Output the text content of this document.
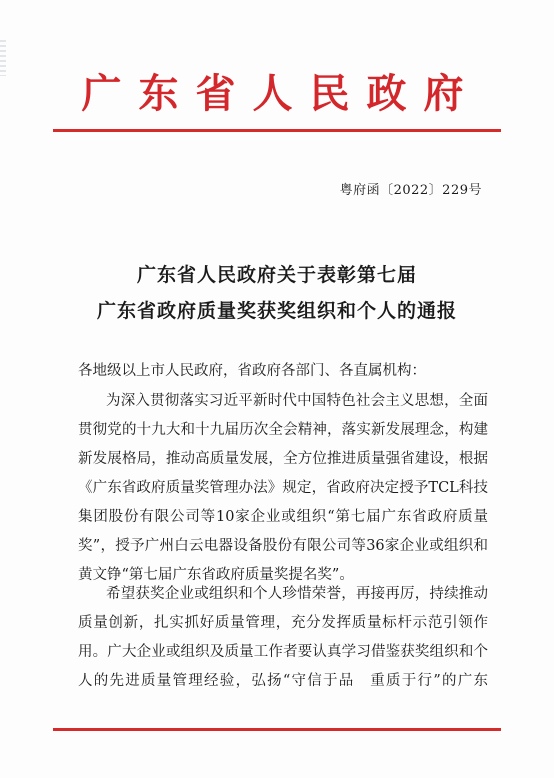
广东省人民政府
粤府函〔2022〕229号
广东省人民政府关于表彰第七届
广东省政府质量奖获奖组织和个人的通报
各地级以上市人民政府，省政府各部门、各直属机构：
为深入贯彻落实习近平新时代中国特色社会主义思想，全面
贯彻党的十九大和十九届历次全会精神，落实新发展理念，构建
新发展格局，推动高质量发展，全方位推进质量强省建设，根据
《广东省政府质量奖管理办法》规定，省政府决定授予TCL科技
集团股份有限公司等10家企业或组织“第七届广东省政府质量
奖”，授予广州白云电器设备股份有限公司等36家企业或组织和
黄文铮“第七届广东省政府质量奖提名奖”。
希望获奖企业或组织和个人珍惜荣誉，再接再厉，持续推动
质量创新，扎实抓好质量管理，充分发挥质量标杆示范引领作
用。广大企业或组织及质量工作者要认真学习借鉴获奖组织和个
人的先进质量管理经验，弘扬“守信于品　重质于行”的广东
